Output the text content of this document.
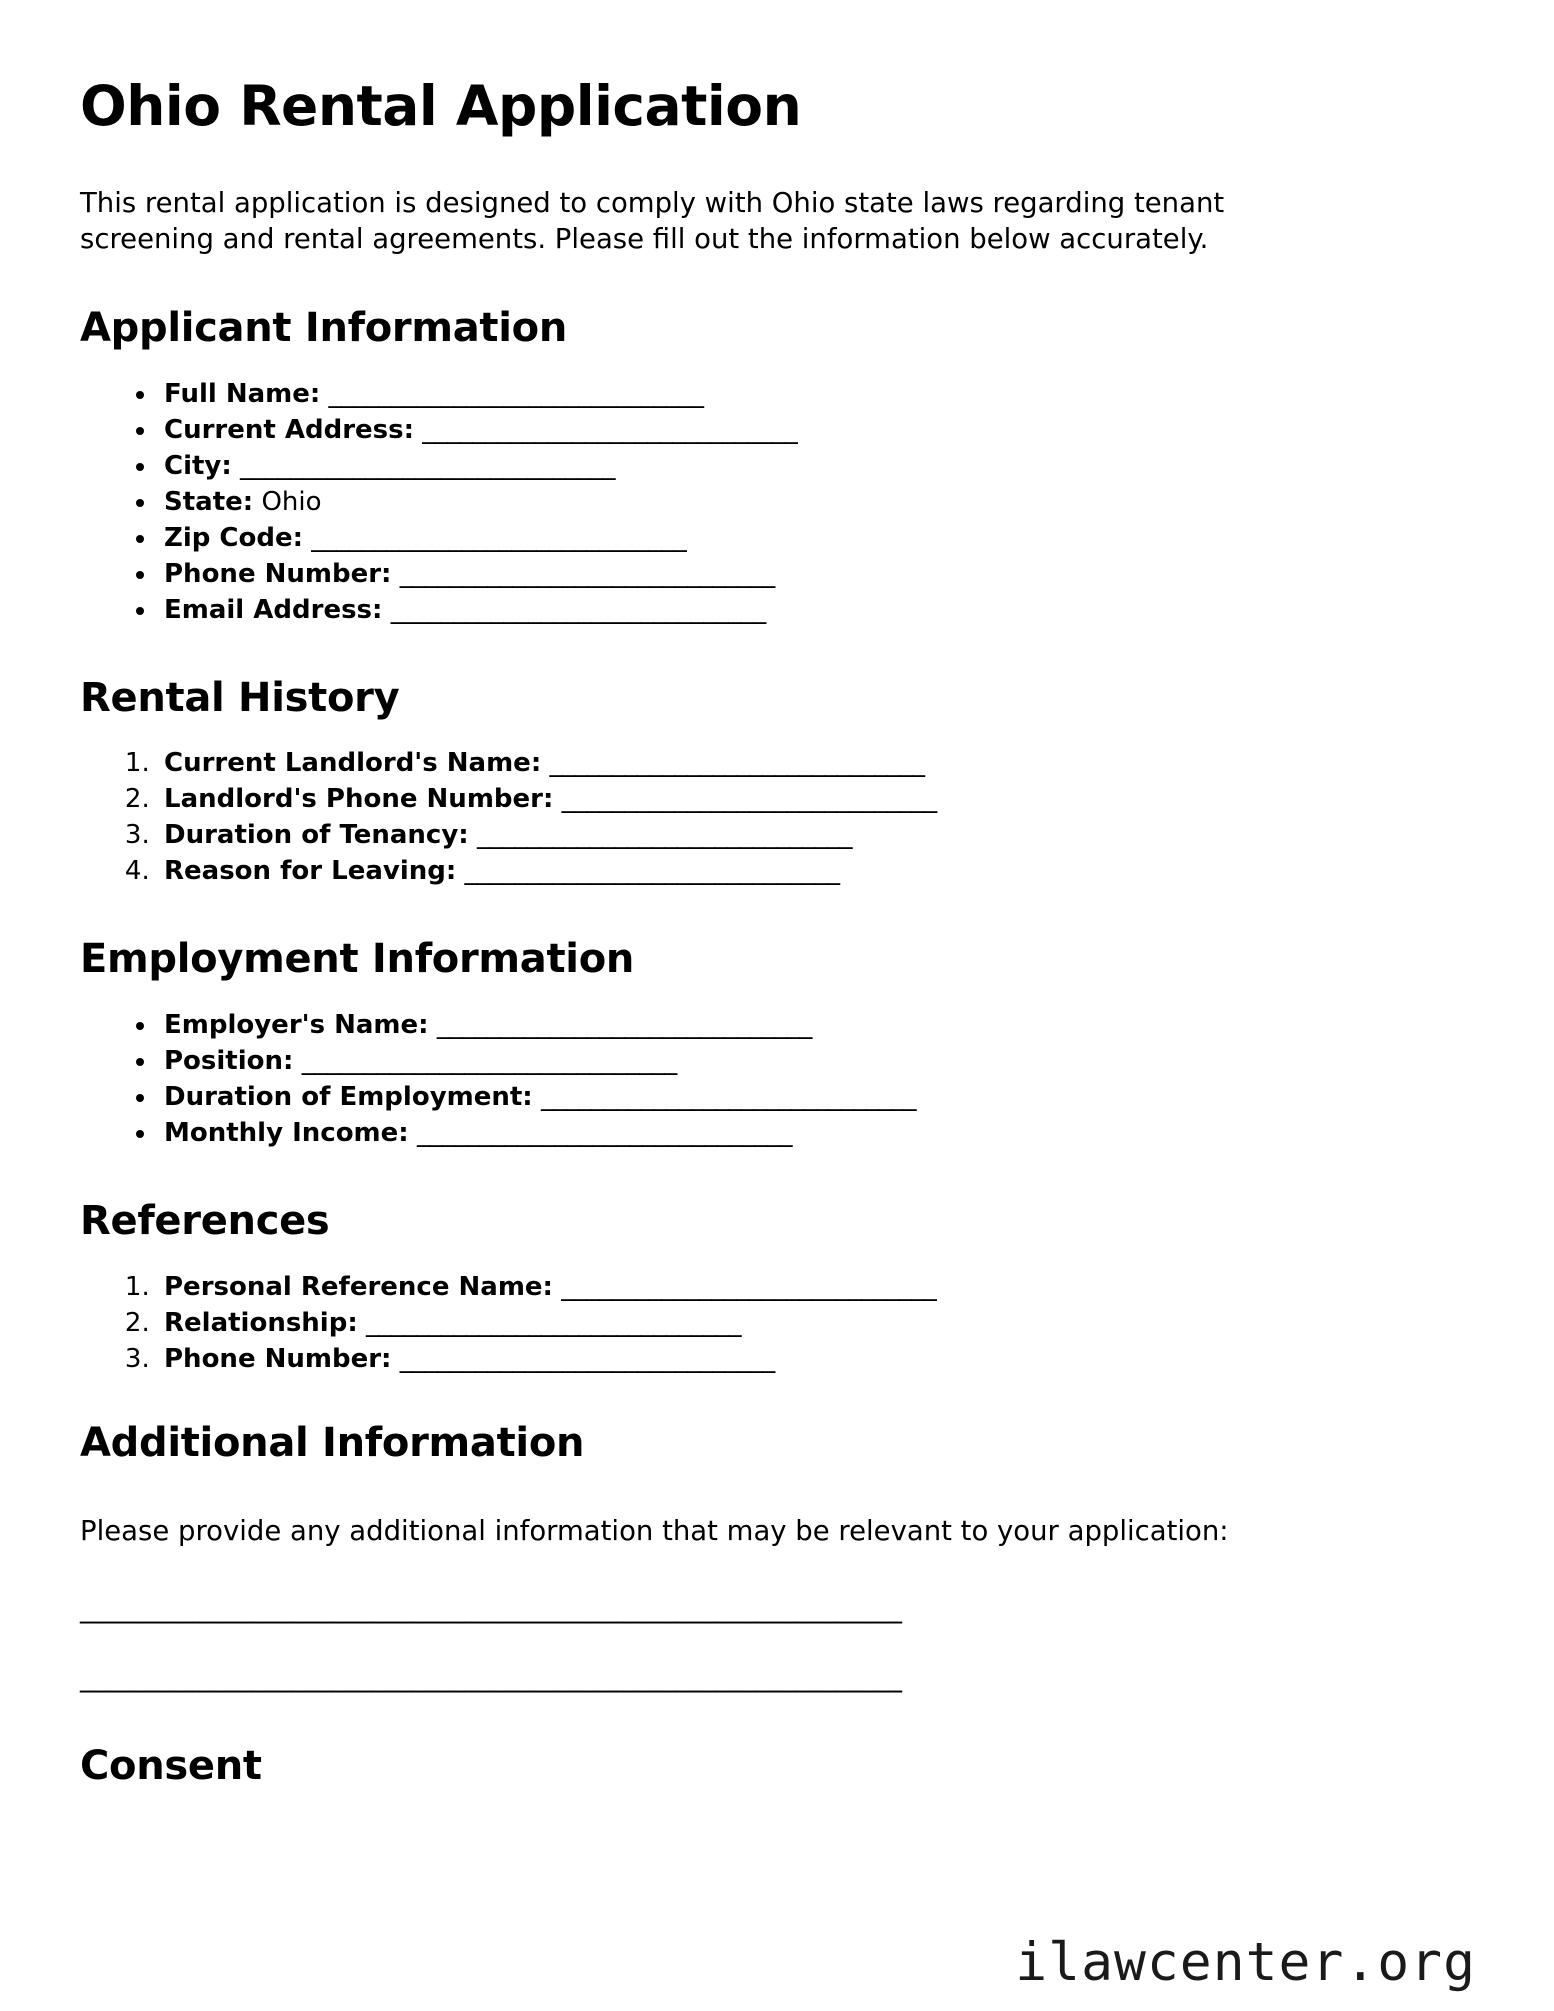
Ohio Rental Application

This rental application is designed to comply with Ohio state laws regarding tenant screening and rental agreements. Please fill out the information below accurately.

Applicant Information
• Full Name: ______________________________
• Current Address: ______________________________
• City: ______________________________
• State: Ohio
• Zip Code: ______________________________
• Phone Number: ______________________________
• Email Address: ______________________________
Rental History
1. Current Landlord's Name: ______________________________
2. Landlord's Phone Number: ______________________________
3. Duration of Tenancy: ______________________________
4. Reason for Leaving: ______________________________
Employment Information
• Employer's Name: ______________________________
• Position: ______________________________
• Duration of Employment: ______________________________
• Monthly Income: ______________________________
References
1. Personal Reference Name: ______________________________
2. Relationship: ______________________________
3. Phone Number: ______________________________
Additional Information

Please provide any additional information that may be relevant to your application:

______________________________________________________________
______________________________________________________________
Consent
ilawcenter.org
